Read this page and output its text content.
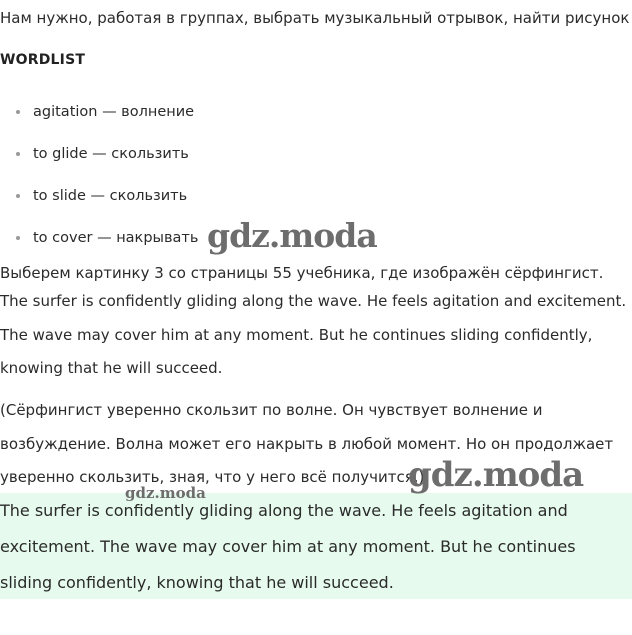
Нам нужно, работая в группах, выбрать музыкальный отрывок, найти рисунок
WORDLIST
agitation — волнение
to glide — скользить
to slide — скользить
to cover — накрывать
Выберем картинку 3 со страницы 55 учебника, где изображён сёрфингист.
The surfer is confidently gliding along the wave. He feels agitation and excitement. The wave may cover him at any moment. But he continues sliding confidently, knowing that he will succeed.
(Сёрфингист уверенно скользит по волне. Он чувствует волнение и возбуждение. Волна может его накрыть в любой момент. Но он продолжает уверенно скользить, зная, что у него всё получится.)
The surfer is confidently gliding along the wave. He feels agitation and excitement. The wave may cover him at any moment. But he continues sliding confidently, knowing that he will succeed.
gdz.moda
gdz.moda
gdz.moda
